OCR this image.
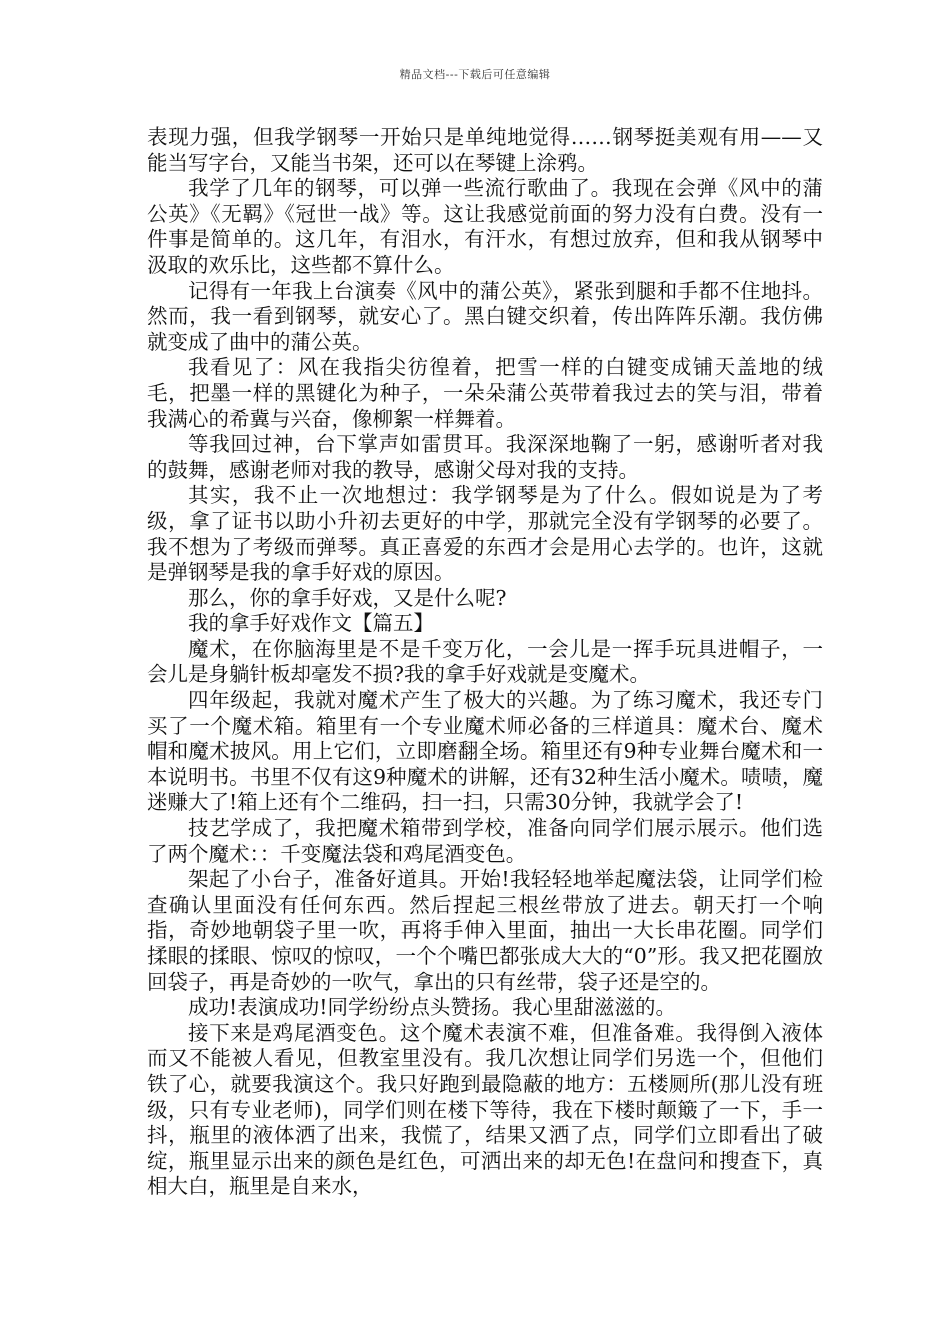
精品文档---下载后可任意编辑

表现力强，但我学钢琴一开始只是单纯地觉得……钢琴挺美观有用——又能当写字台，又能当书架，还可以在琴键上涂鸦。

我学了几年的钢琴，可以弹一些流行歌曲了。我现在会弹《风中的蒲公英》《无羁》《冠世一战》等。这让我感觉前面的努力没有白费。没有一件事是简单的。这几年，有泪水，有汗水，有想过放弃，但和我从钢琴中汲取的欢乐比，这些都不算什么。

记得有一年我上台演奏《风中的蒲公英》，紧张到腿和手都不住地抖。然而，我一看到钢琴，就安心了。黑白键交织着，传出阵阵乐潮。我仿佛就变成了曲中的蒲公英。

我看见了：风在我指尖彷徨着，把雪一样的白键变成铺天盖地的绒毛，把墨一样的黑键化为种子，一朵朵蒲公英带着我过去的笑与泪，带着我满心的希冀与兴奋，像柳絮一样舞着。

等我回过神，台下掌声如雷贯耳。我深深地鞠了一躬，感谢听者对我的鼓舞，感谢老师对我的教导，感谢父母对我的支持。

其实，我不止一次地想过：我学钢琴是为了什么。假如说是为了考级，拿了证书以助小升初去更好的中学，那就完全没有学钢琴的必要了。我不想为了考级而弹琴。真正喜爱的东西才会是用心去学的。也许，这就是弹钢琴是我的拿手好戏的原因。

那么，你的拿手好戏，又是什么呢?

我的拿手好戏作文【篇五】

魔术，在你脑海里是不是千变万化，一会儿是一挥手玩具进帽子，一会儿是身躺针板却毫发不损?我的拿手好戏就是变魔术。

四年级起，我就对魔术产生了极大的兴趣。为了练习魔术，我还专门买了一个魔术箱。箱里有一个专业魔术师必备的三样道具：魔术台、魔术帽和魔术披风。用上它们，立即磨翻全场。箱里还有9种专业舞台魔术和一本说明书。书里不仅有这9种魔术的讲解，还有32种生活小魔术。啧啧，魔迷赚大了!箱上还有个二维码，扫一扫，只需30分钟，我就学会了!

技艺学成了，我把魔术箱带到学校，准备向同学们展示展示。他们选了两个魔术：：千变魔法袋和鸡尾酒变色。

架起了小台子，准备好道具。开始!我轻轻地举起魔法袋，让同学们检查确认里面没有任何东西。然后捏起三根丝带放了进去。朝天打一个响指，奇妙地朝袋子里一吹，再将手伸入里面，抽出一大长串花圈。同学们揉眼的揉眼、惊叹的惊叹，一个个嘴巴都张成大大的“0”形。我又把花圈放回袋子，再是奇妙的一吹气，拿出的只有丝带，袋子还是空的。

成功!表演成功!同学纷纷点头赞扬。我心里甜滋滋的。

接下来是鸡尾酒变色。这个魔术表演不难，但准备难。我得倒入液体而又不能被人看见，但教室里没有。我几次想让同学们另选一个，但他们铁了心，就要我演这个。我只好跑到最隐蔽的地方：五楼厕所(那儿没有班级，只有专业老师)，同学们则在楼下等待，我在下楼时颠簸了一下，手一抖，瓶里的液体洒了出来，我慌了，结果又洒了点，同学们立即看出了破绽，瓶里显示出来的颜色是红色，可洒出来的却无色!在盘问和搜查下，真相大白，瓶里是自来水，
